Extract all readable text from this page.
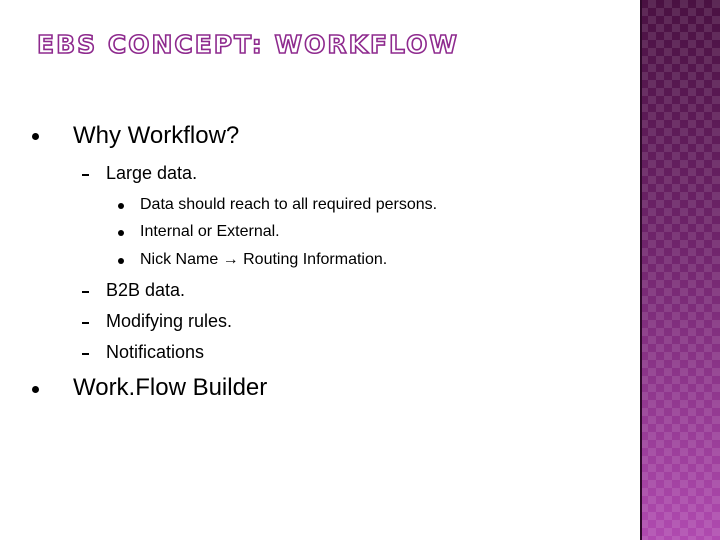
EBS CONCEPT: WORKFLOW
Why Workflow?
Large data.
Data should reach to all required persons.
Internal or External.
Nick Name → Routing Information.
B2B data.
Modifying rules.
Notifications
Work.Flow Builder
